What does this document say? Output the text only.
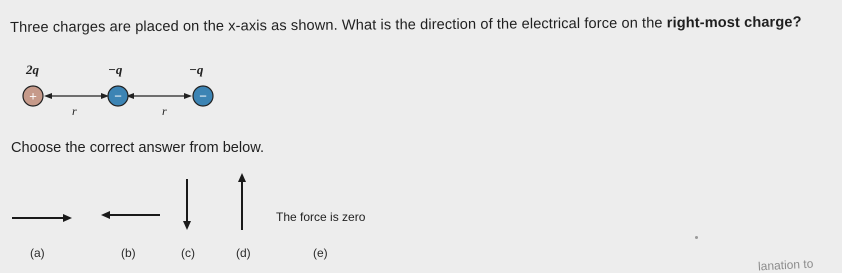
Three charges are placed on the x-axis as shown. What is the direction of the electrical force on the right-most charge?
2q	−q	−q
r	r
+	−	−
Choose the correct answer from below.
The force is zero
(a)	(b)	(c)	(d)	(e)
lanation to
